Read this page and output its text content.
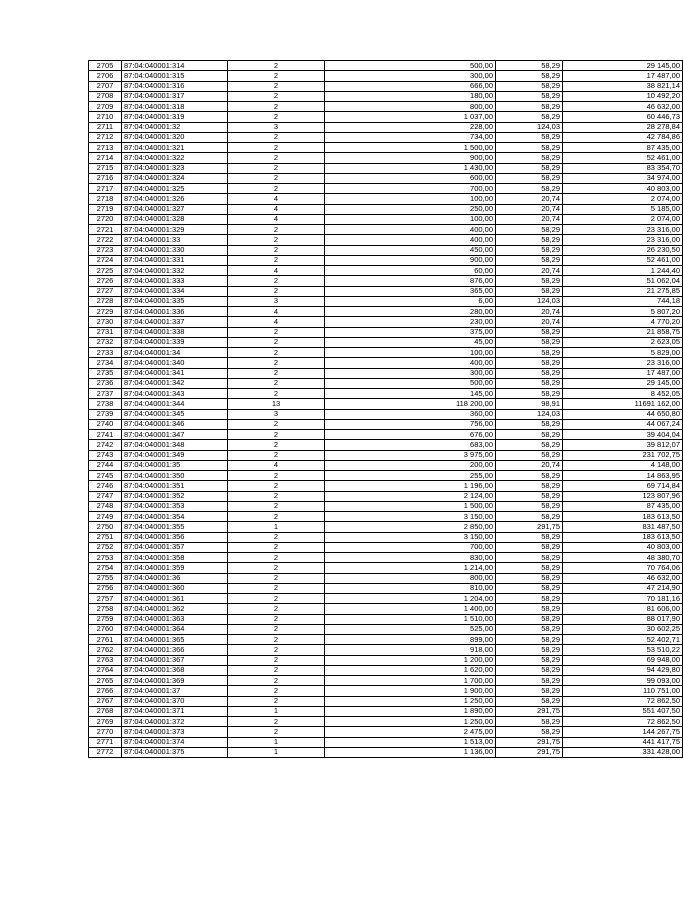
2705	87:04:040001:314	2	500,00	58,29	29 145,00
2706	87:04:040001:315	2	300,00	58,29	17 487,00
2707	87:04:040001:316	2	666,00	58,29	38 821,14
2708	87:04:040001:317	2	180,00	58,29	10 492,20
2709	87:04:040001:318	2	800,00	58,29	46 632,00
2710	87:04:040001:319	2	1 037,00	58,29	60 446,73
2711	87:04:040001:32	3	228,00	124,03	28 278,84
2712	87:04:040001:320	2	734,00	58,29	42 784,86
2713	87:04:040001:321	2	1 500,00	58,29	87 435,00
2714	87:04:040001:322	2	900,00	58,29	52 461,00
2715	87:04:040001:323	2	1 430,00	58,29	83 354,70
2716	87:04:040001:324	2	600,00	58,29	34 974,00
2717	87:04:040001:325	2	700,00	58,29	40 803,00
2718	87:04:040001:326	4	100,00	20,74	2 074,00
2719	87:04:040001:327	4	250,00	20,74	5 185,00
2720	87:04:040001:328	4	100,00	20,74	2 074,00
2721	87:04:040001:329	2	400,00	58,29	23 316,00
2722	87:04:040001:33	2	400,00	58,29	23 316,00
2723	87:04:040001:330	2	450,00	58,29	26 230,50
2724	87:04:040001:331	2	900,00	58,29	52 461,00
2725	87:04:040001:332	4	60,00	20,74	1 244,40
2726	87:04:040001:333	2	876,00	58,29	51 062,04
2727	87:04:040001:334	2	365,00	58,29	21 275,85
2728	87:04:040001:335	3	6,00	124,03	744,18
2729	87:04:040001:336	4	280,00	20,74	5 807,20
2730	87:04:040001:337	4	230,00	20,74	4 770,20
2731	87:04:040001:338	2	375,00	58,29	21 858,75
2732	87:04:040001:339	2	45,00	58,29	2 623,05
2733	87:04:040001:34	2	100,00	58,29	5 829,00
2734	87:04:040001:340	2	400,00	58,29	23 316,00
2735	87:04:040001:341	2	300,00	58,29	17 487,00
2736	87:04:040001:342	2	500,00	58,29	29 145,00
2737	87:04:040001:343	2	145,00	58,29	8 452,05
2738	87:04:040001:344	13	118 200,00	98,91	11691 162,00
2739	87:04:040001:345	3	360,00	124,03	44 650,80
2740	87:04:040001:346	2	756,00	58,29	44 067,24
2741	87:04:040001:347	2	676,00	58,29	39 404,04
2742	87:04:040001:348	2	683,00	58,29	39 812,07
2743	87:04:040001:349	2	3 975,00	58,29	231 702,75
2744	87:04:040001:35	4	200,00	20,74	4 148,00
2745	87:04:040001:350	2	255,00	58,29	14 863,95
2746	87:04:040001:351	2	1 196,00	58,29	69 714,84
2747	87:04:040001:352	2	2 124,00	58,29	123 807,96
2748	87:04:040001:353	2	1 500,00	58,29	87 435,00
2749	87:04:040001:354	2	3 150,00	58,29	183 613,50
2750	87:04:040001:355	1	2 850,00	291,75	831 487,50
2751	87:04:040001:356	2	3 150,00	58,29	183 613,50
2752	87:04:040001:357	2	700,00	58,29	40 803,00
2753	87:04:040001:358	2	830,00	58,29	48 380,70
2754	87:04:040001:359	2	1 214,00	58,29	70 764,06
2755	87:04:040001:36	2	800,00	58,29	46 632,00
2756	87:04:040001:360	2	810,00	58,29	47 214,90
2757	87:04:040001:361	2	1 204,00	58,29	70 181,16
2758	87:04:040001:362	2	1 400,00	58,29	81 606,00
2759	87:04:040001:363	2	1 510,00	58,29	88 017,90
2760	87:04:040001:364	2	525,00	58,29	30 602,25
2761	87:04:040001:365	2	899,00	58,29	52 402,71
2762	87:04:040001:366	2	918,00	58,29	53 510,22
2763	87:04:040001:367	2	1 200,00	58,29	69 948,00
2764	87:04:040001:368	2	1 620,00	58,29	94 429,80
2765	87:04:040001:369	2	1 700,00	58,29	99 093,00
2766	87:04:040001:37	2	1 900,00	58,29	110 751,00
2767	87:04:040001:370	2	1 250,00	58,29	72 862,50
2768	87:04:040001:371	1	1 890,00	291,75	551 407,50
2769	87:04:040001:372	2	1 250,00	58,29	72 862,50
2770	87:04:040001:373	2	2 475,00	58,29	144 267,75
2771	87:04:040001:374	1	1 513,00	291,75	441 417,75
2772	87:04:040001:375	1	1 136,00	291,75	331 428,00
